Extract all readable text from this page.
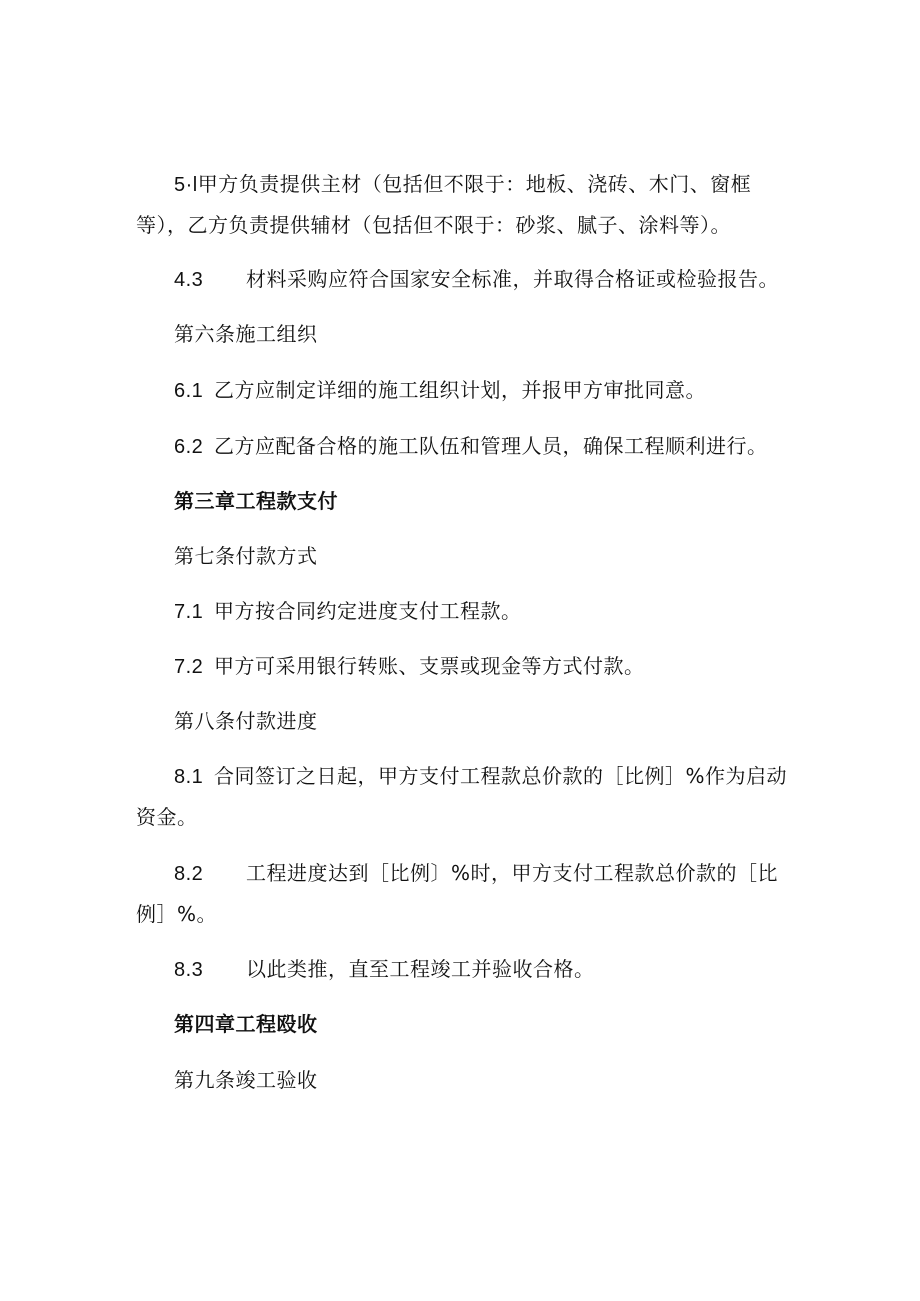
5·l甲方负责提供主材（包括但不限于：地板、浇砖、木门、窗框
等），乙方负责提供辅材（包括但不限于：砂浆、腻子、涂料等）。
4.3 材料采购应符合国家安全标准，并取得合格证或检验报告。
第六条施工组织
6.1 乙方应制定详细的施工组织计划，并报甲方审批同意。
6.2 乙方应配备合格的施工队伍和管理人员，确保工程顺利进行。
第三章工程款支付
第七条付款方式
7.1 甲方按合同约定进度支付工程款。
7.2 甲方可采用银行转账、支票或现金等方式付款。
第八条付款进度
8.1 合同签订之日起，甲方支付工程款总价款的［比例］%作为启动
资金。
8.2 工程进度达到［比例〕%时，甲方支付工程款总价款的［比
例］%。
8.3 以此类推，直至工程竣工并验收合格。
第四章工程殴收
第九条竣工验收
